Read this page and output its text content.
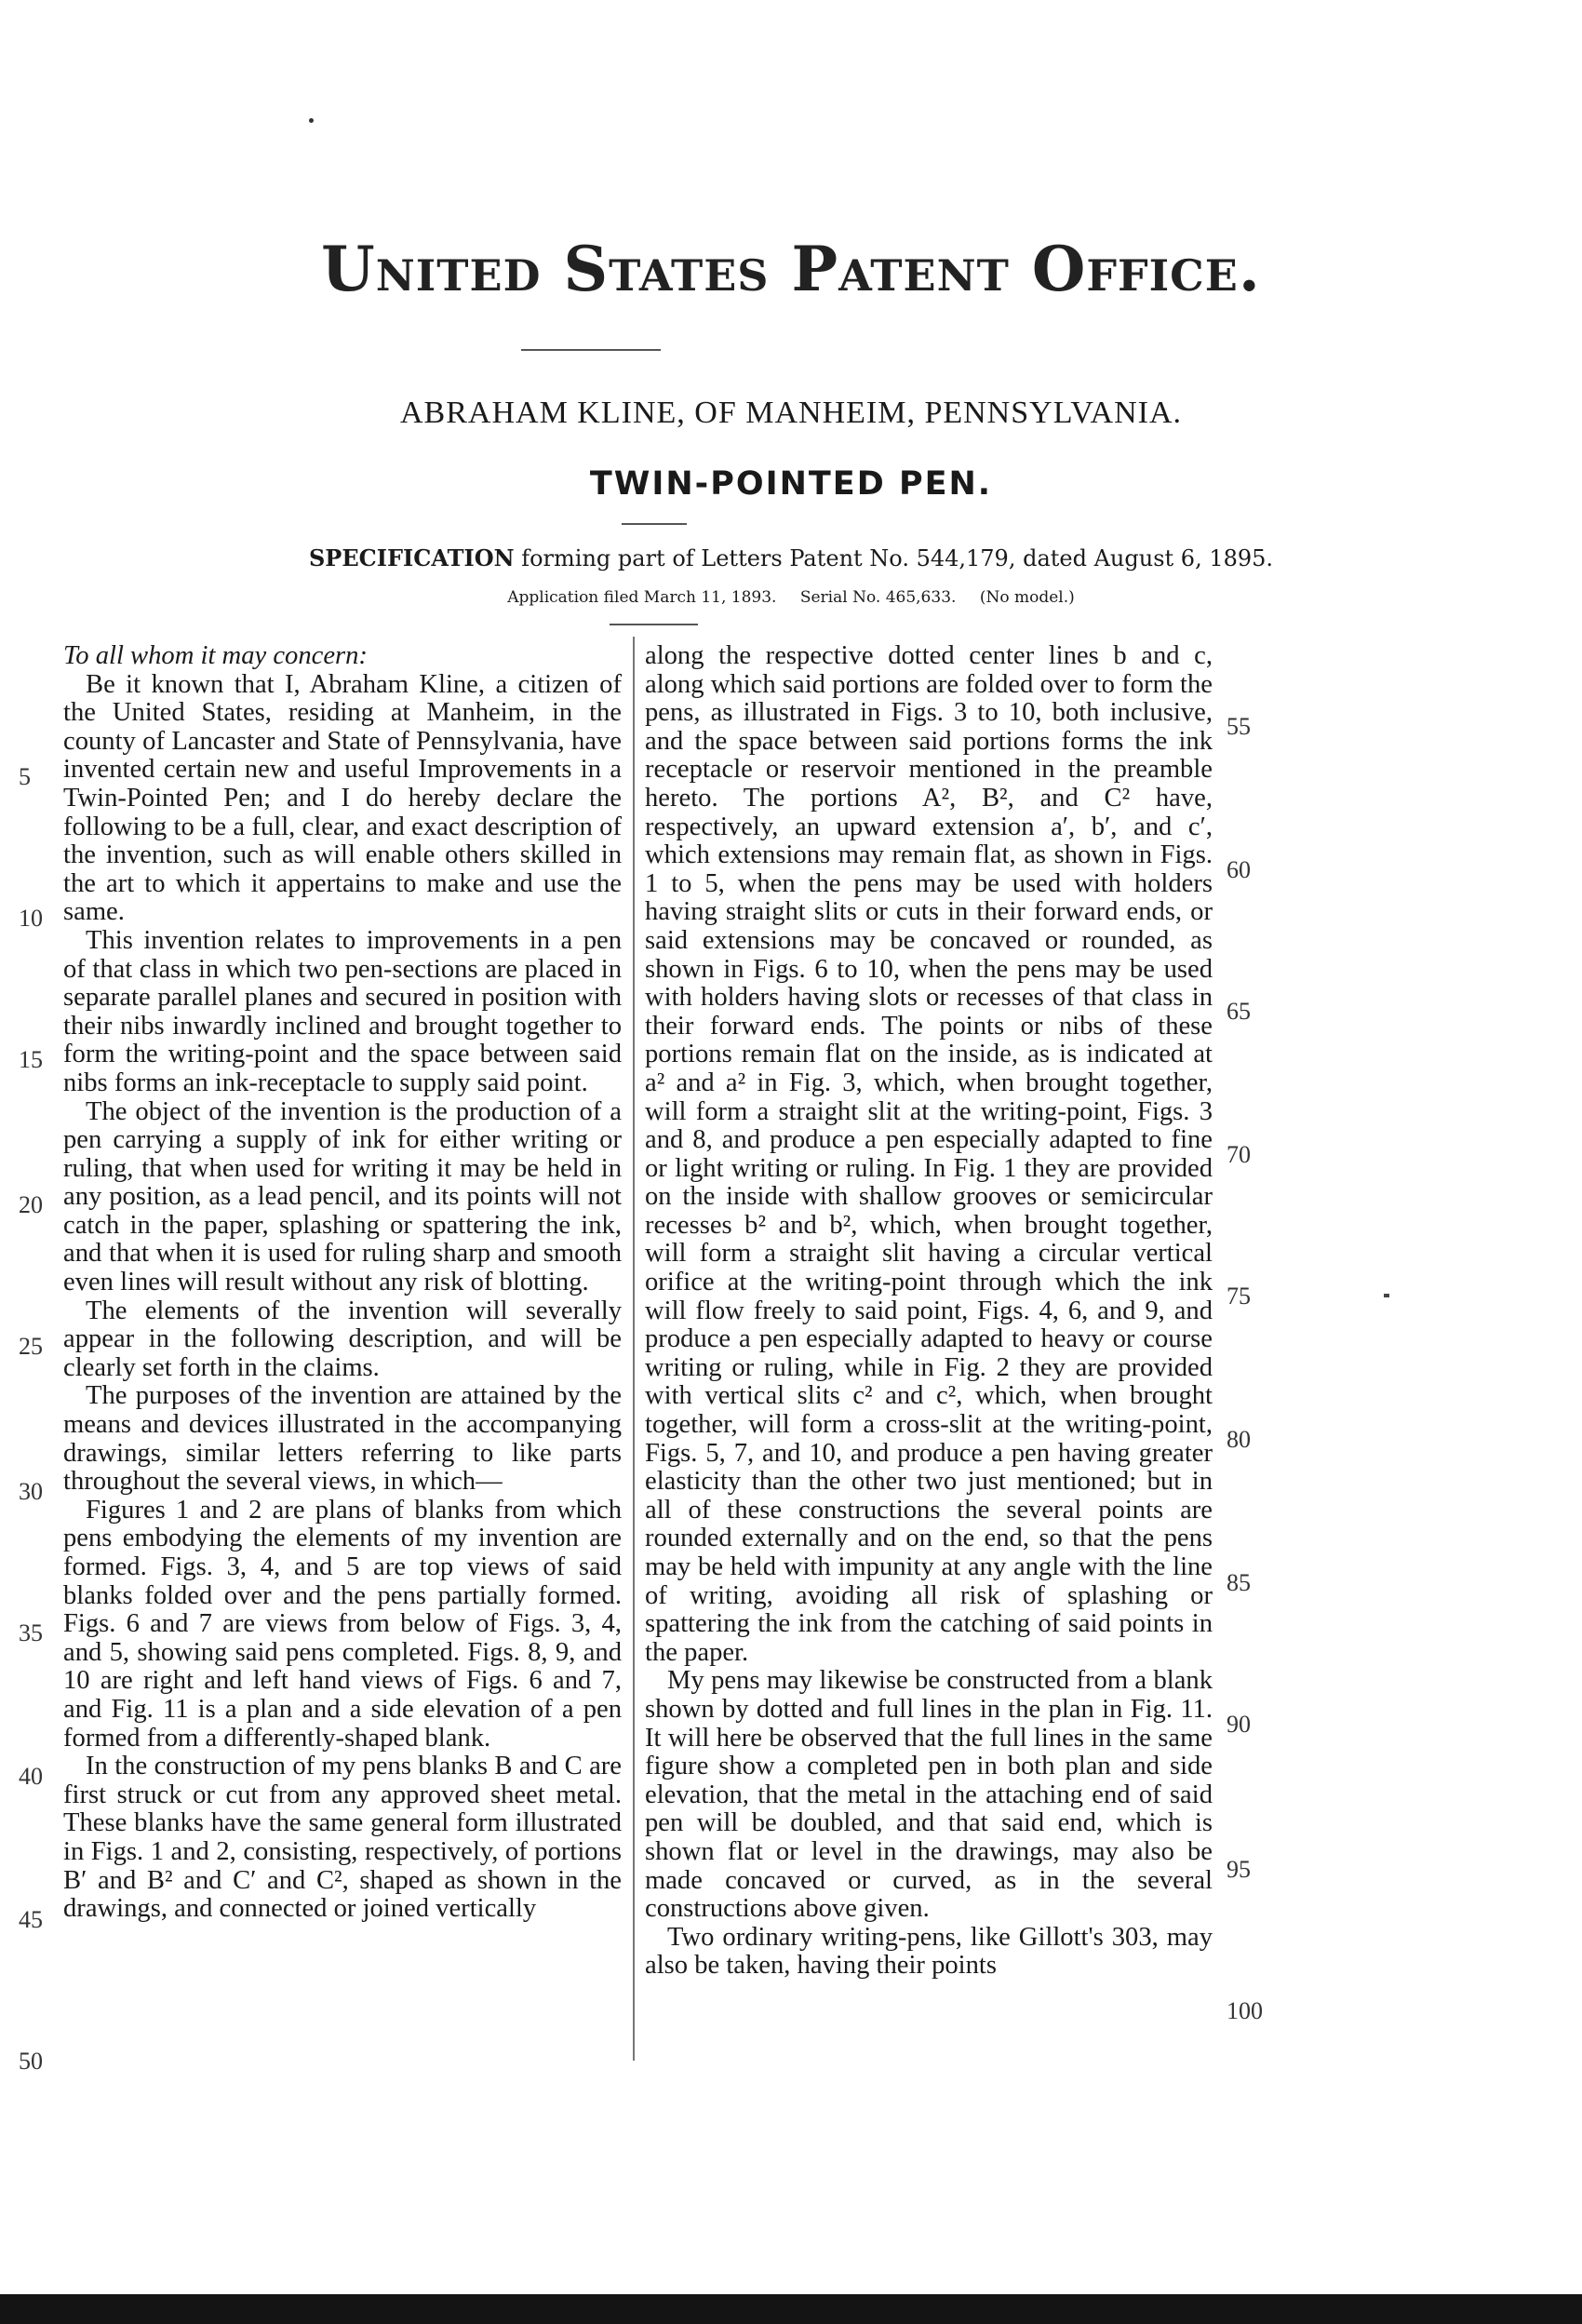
United States Patent Office.

ABRAHAM KLINE, OF MANHEIM, PENNSYLVANIA.

TWIN-POINTED PEN.

SPECIFICATION forming part of Letters Patent No. 544,179, dated August 6, 1895.

Application filed March 11, 1893. Serial No. 465,633. (No model.)

To all whom it may concern:

Be it known that I, Abraham Kline, a citizen of the United States, residing at Manheim, in the county of Lancaster and State of Pennsylvania, have invented certain new and useful Improvements in a Twin-Pointed Pen; and I do hereby declare the following to be a full, clear, and exact description of the invention, such as will enable others skilled in the art to which it appertains to make and use the same.

This invention relates to improvements in a pen of that class in which two pen-sections are placed in separate parallel planes and secured in position with their nibs inwardly inclined and brought together to form the writing-point and the space between said nibs forms an ink-receptacle to supply said point.

The object of the invention is the production of a pen carrying a supply of ink for either writing or ruling, that when used for writing it may be held in any position, as a lead pencil, and its points will not catch in the paper, splashing or spattering the ink, and that when it is used for ruling sharp and smooth even lines will result without any risk of blotting.

The elements of the invention will severally appear in the following description, and will be clearly set forth in the claims.

The purposes of the invention are attained by the means and devices illustrated in the accompanying drawings, similar letters referring to like parts throughout the several views, in which—

Figures 1 and 2 are plans of blanks from which pens embodying the elements of my invention are formed. Figs. 3, 4, and 5 are top views of said blanks folded over and the pens partially formed. Figs. 6 and 7 are views from below of Figs. 3, 4, and 5, showing said pens completed. Figs. 8, 9, and 10 are right and left hand views of Figs. 6 and 7, and Fig. 11 is a plan and a side elevation of a pen formed from a differently-shaped blank.

In the construction of my pens blanks B and C are first struck or cut from any approved sheet metal. These blanks have the same general form illustrated in Figs. 1 and 2, consisting, respectively, of portions B′ and B² and C′ and C², shaped as shown in the drawings, and connected or joined vertically

along the respective dotted center lines b and c, along which said portions are folded over to form the pens, as illustrated in Figs. 3 to 10, both inclusive, and the space between said portions forms the ink receptacle or reservoir mentioned in the preamble hereto. The portions A², B², and C² have, respectively, an upward extension a′, b′, and c′, which extensions may remain flat, as shown in Figs. 1 to 5, when the pens may be used with holders having straight slits or cuts in their forward ends, or said extensions may be concaved or rounded, as shown in Figs. 6 to 10, when the pens may be used with holders having slots or recesses of that class in their forward ends. The points or nibs of these portions remain flat on the inside, as is indicated at a² and a² in Fig. 3, which, when brought together, will form a straight slit at the writing-point, Figs. 3 and 8, and produce a pen especially adapted to fine or light writing or ruling. In Fig. 1 they are provided on the inside with shallow grooves or semicircular recesses b² and b², which, when brought together, will form a straight slit having a circular vertical orifice at the writing-point through which the ink will flow freely to said point, Figs. 4, 6, and 9, and produce a pen especially adapted to heavy or course writing or ruling, while in Fig. 2 they are provided with vertical slits c² and c², which, when brought together, will form a cross-slit at the writing-point, Figs. 5, 7, and 10, and produce a pen having greater elasticity than the other two just mentioned; but in all of these constructions the several points are rounded externally and on the end, so that the pens may be held with impunity at any angle with the line of writing, avoiding all risk of splashing or spattering the ink from the catching of said points in the paper.

My pens may likewise be constructed from a blank shown by dotted and full lines in the plan in Fig. 11. It will here be observed that the full lines in the same figure show a completed pen in both plan and side elevation, that the metal in the attaching end of said pen will be doubled, and that said end, which is shown flat or level in the drawings, may also be made concaved or curved, as in the several constructions above given.

Two ordinary writing-pens, like Gillott's 303, may also be taken, having their points

5
10
15
20
25
30
35
40
45
50
55
60
65
70
75
80
85
90
95
100
